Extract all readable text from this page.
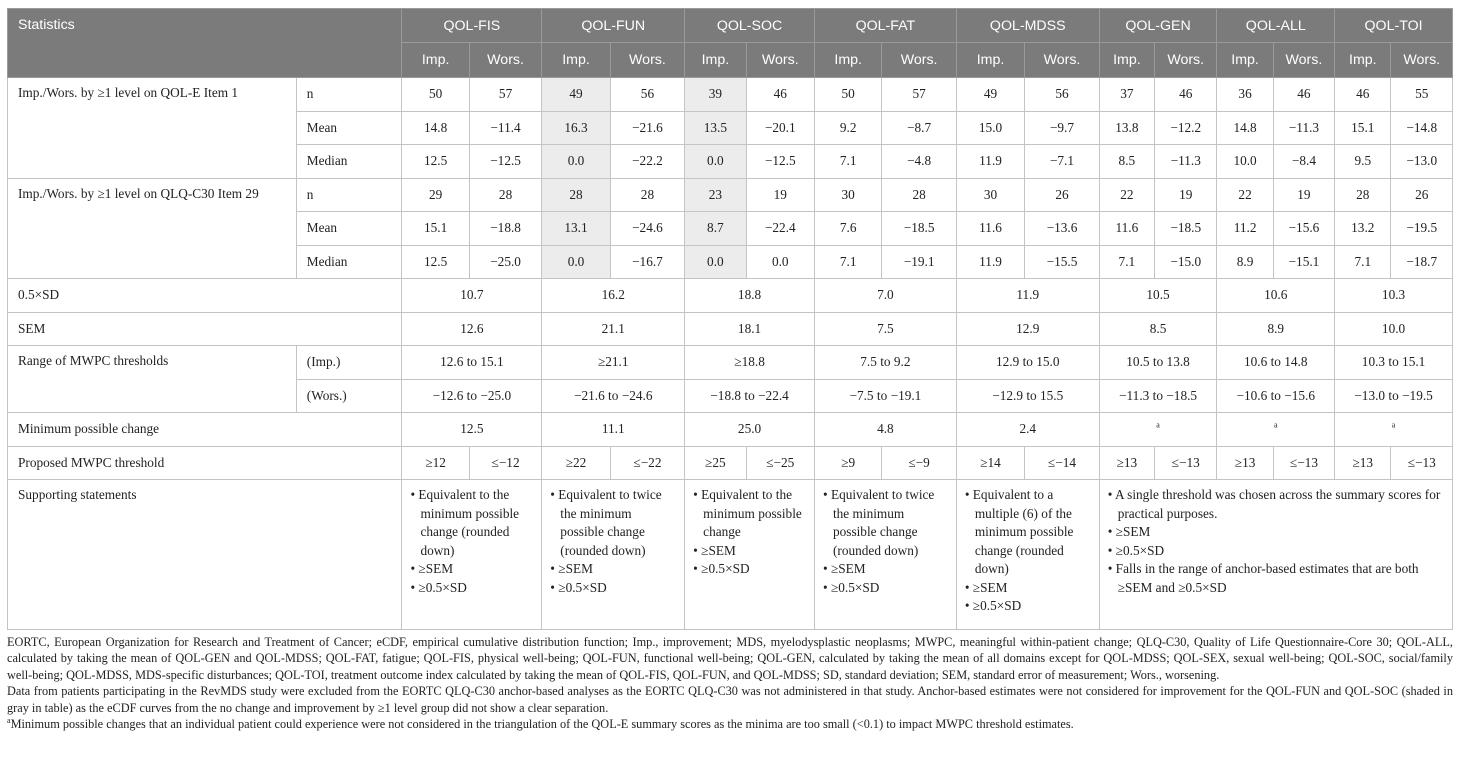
Statistics		QOL-FIS		QOL-FUN		QOL-SOC		QOL-FAT		QOL-MDSS		QOL-GEN		QOL-ALL		QOL-TOI	
		Imp.	Wors.	Imp.	Wors.	Imp.	Wors.	Imp.	Wors.	Imp.	Wors.	Imp.	Wors.	Imp.	Wors.	Imp.	Wors.
Imp./Wors. by ≥1 level on QOL-E Item 1	n	50	57	49	56	39	46	50	57	49	56	37	46	36	46	46	55
	Mean	14.8	−11.4	16.3	−21.6	13.5	−20.1	9.2	−8.7	15.0	−9.7	13.8	−12.2	14.8	−11.3	15.1	−14.8
	Median	12.5	−12.5	0.0	−22.2	0.0	−12.5	7.1	−4.8	11.9	−7.1	8.5	−11.3	10.0	−8.4	9.5	−13.0
Imp./Wors. by ≥1 level on QLQ-C30 Item 29	n	29	28	28	28	23	19	30	28	30	26	22	19	22	19	28	26
	Mean	15.1	−18.8	13.1	−24.6	8.7	−22.4	7.6	−18.5	11.6	−13.6	11.6	−18.5	11.2	−15.6	13.2	−19.5
	Median	12.5	−25.0	0.0	−16.7	0.0	0.0	7.1	−19.1	11.9	−15.5	7.1	−15.0	8.9	−15.1	7.1	−18.7
0.5×SD		10.7		16.2		18.8		7.0		11.9		10.5		10.6		10.3	
SEM		12.6		21.1		18.1		7.5		12.9		8.5		8.9		10.0	
Range of MWPC thresholds	(Imp.)	12.6 to 15.1		≥21.1		≥18.8		7.5 to 9.2		12.9 to 15.0		10.5 to 13.8		10.6 to 14.8		10.3 to 15.1	
	(Wors.)	−12.6 to −25.0		−21.6 to −24.6		−18.8 to −22.4		−7.5 to −19.1		−12.9 to 15.5		−11.3 to −18.5		−10.6 to −15.6		−13.0 to −19.5	
Minimum possible change		12.5		11.1		25.0		4.8		2.4		$^a$		$^a$		$^a$
Proposed MWPC threshold		≥12	≤−12	≥22	≤−22	≥25	≤−25	≥9	≤−9	≥14	≤−14	≥13	≤−13	≥13	≤−13	≥13	≤−13
Supporting statements		• Equivalent to the minimum possible change (rounded down)
• ≥SEM
• ≥0.5×SD		• Equivalent to twice the minimum possible change (rounded down)
• ≥SEM
• ≥0.5×SD		• Equivalent to the minimum possible change
• ≥SEM
• ≥0.5×SD		• Equivalent to twice the minimum possible change (rounded down)
• ≥SEM
• ≥0.5×SD		• Equivalent to a multiple (6) of the minimum possible change (rounded down)
• ≥SEM
• ≥0.5×SD		• A single threshold was chosen across the summary scores for practical purposes.
• ≥SEM
• ≥0.5×SD
• Falls in the range of anchor-based estimates that are both ≥SEM and ≥0.5×SD					

EORTC, European Organization for Research and Treatment of Cancer; eCDF, empirical cumulative distribution function; Imp., improvement; MDS, myelodysplastic neoplasms; MWPC, meaningful within-patient change; QLQ-C30, Quality of Life Questionnaire-Core 30; QOL-ALL, calculated by taking the mean of QOL-GEN and QOL-MDSS; QOL-FAT, fatigue; QOL-FIS, physical well-being; QOL-FUN, functional well-being; QOL-GEN, calculated by taking the mean of all domains except for QOL-MDSS; QOL-SEX, sexual well-being; QOL-SOC, social/family well-being; QOL-MDSS, MDS-specific disturbances; QOL-TOI, treatment outcome index calculated by taking the mean of QOL-FIS, QOL-FUN, and QOL-MDSS; SD, standard deviation; SEM, standard error of measurement; Wors., worsening.

Data from patients participating in the RevMDS study were excluded from the EORTC QLQ-C30 anchor-based analyses as the EORTC QLQ-C30 was not administered in that study. Anchor-based estimates were not considered for improvement for the QOL-FUN and QOL-SOC (shaded in gray in table) as the eCDF curves from the no change and improvement by ≥1 level group did not show a clear separation.

$^a$Minimum possible changes that an individual patient could experience were not considered in the triangulation of the QOL-E summary scores as the minima are too small (<0.1) to impact MWPC threshold estimates.
